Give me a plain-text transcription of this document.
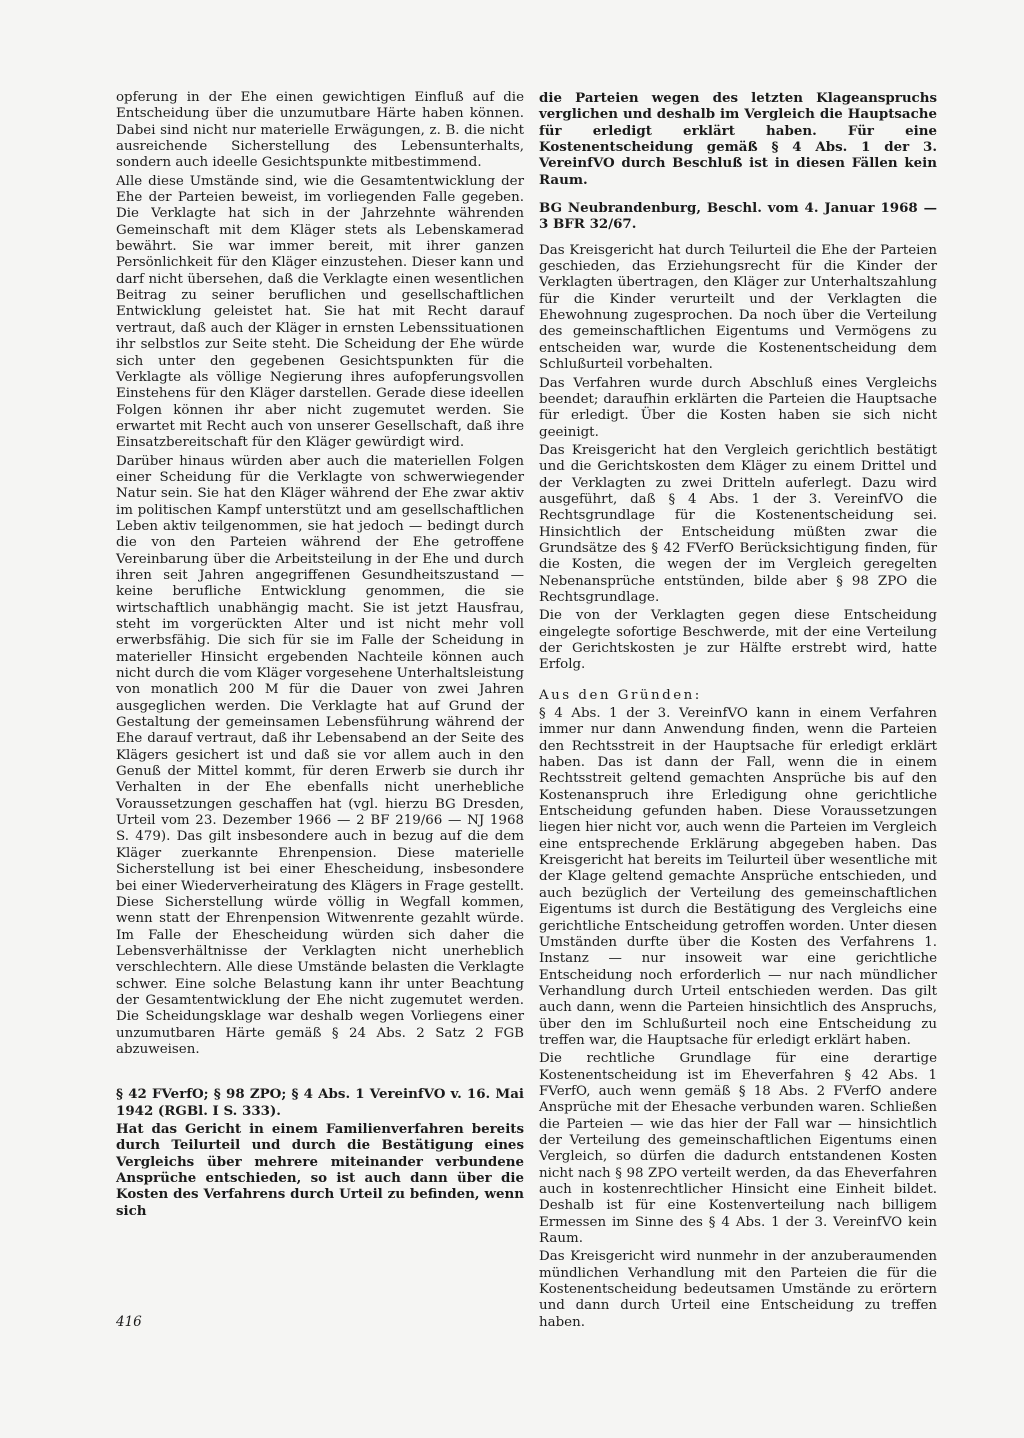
opferung in der Ehe einen gewichtigen Einfluß auf die Entscheidung über die unzumutbare Härte haben können. Dabei sind nicht nur materielle Erwägungen, z. B. die nicht ausreichende Sicherstellung des Lebensunterhalts, sondern auch ideelle Gesichtspunkte mitbestimmend.

Alle diese Umstände sind, wie die Gesamtentwicklung der Ehe der Parteien beweist, im vorliegenden Falle gegeben. Die Verklagte hat sich in der Jahrzehnte währenden Gemeinschaft mit dem Kläger stets als Lebenskamerad bewährt. Sie war immer bereit, mit ihrer ganzen Persönlichkeit für den Kläger einzustehen. Dieser kann und darf nicht übersehen, daß die Verklagte einen wesentlichen Beitrag zu seiner beruflichen und gesellschaftlichen Entwicklung geleistet hat. Sie hat mit Recht darauf vertraut, daß auch der Kläger in ernsten Lebenssituationen ihr selbstlos zur Seite steht. Die Scheidung der Ehe würde sich unter den gegebenen Gesichtspunkten für die Verklagte als völlige Negierung ihres aufopferungsvollen Einstehens für den Kläger darstellen. Gerade diese ideellen Folgen können ihr aber nicht zugemutet werden. Sie erwartet mit Recht auch von unserer Gesellschaft, daß ihre Einsatzbereitschaft für den Kläger gewürdigt wird.

Darüber hinaus würden aber auch die materiellen Folgen einer Scheidung für die Verklagte von schwerwiegender Natur sein. Sie hat den Kläger während der Ehe zwar aktiv im politischen Kampf unterstützt und am gesellschaftlichen Leben aktiv teilgenommen, sie hat jedoch — bedingt durch die von den Parteien während der Ehe getroffene Vereinbarung über die Arbeitsteilung in der Ehe und durch ihren seit Jahren angegriffenen Gesundheitszustand — keine berufliche Entwicklung genommen, die sie wirtschaftlich unabhängig macht. Sie ist jetzt Hausfrau, steht im vorgerückten Alter und ist nicht mehr voll erwerbsfähig. Die sich für sie im Falle der Scheidung in materieller Hinsicht ergebenden Nachteile können auch nicht durch die vom Kläger vorgesehene Unterhaltsleistung von monatlich 200 M für die Dauer von zwei Jahren ausgeglichen werden. Die Verklagte hat auf Grund der Gestaltung der gemeinsamen Lebensführung während der Ehe darauf vertraut, daß ihr Lebensabend an der Seite des Klägers gesichert ist und daß sie vor allem auch in den Genuß der Mittel kommt, für deren Erwerb sie durch ihr Verhalten in der Ehe ebenfalls nicht unerhebliche Voraussetzungen geschaffen hat (vgl. hierzu BG Dresden, Urteil vom 23. Dezember 1966 — 2 BF 219/66 — NJ 1968 S. 479). Das gilt insbesondere auch in bezug auf die dem Kläger zuerkannte Ehrenpension. Diese materielle Sicherstellung ist bei einer Ehescheidung, insbesondere bei einer Wiederverheiratung des Klägers in Frage gestellt. Diese Sicherstellung würde völlig in Wegfall kommen, wenn statt der Ehrenpension Witwenrente gezahlt würde. Im Falle der Ehescheidung würden sich daher die Lebensverhältnisse der Verklagten nicht unerheblich verschlechtern. Alle diese Umstände belasten die Verklagte schwer. Eine solche Belastung kann ihr unter Beachtung der Gesamtentwicklung der Ehe nicht zugemutet werden. Die Scheidungsklage war deshalb wegen Vorliegens einer unzumutbaren Härte gemäß § 24 Abs. 2 Satz 2 FGB abzuweisen.

§ 42 FVerfO; § 98 ZPO; § 4 Abs. 1 VereinfVO v. 16. Mai 1942 (RGBl. I S. 333).

Hat das Gericht in einem Familienverfahren bereits durch Teilurteil und durch die Bestätigung eines Vergleichs über mehrere miteinander verbundene Ansprüche entschieden, so ist auch dann über die Kosten des Verfahrens durch Urteil zu befinden, wenn sich

die Parteien wegen des letzten Klageanspruchs verglichen und deshalb im Vergleich die Hauptsache für erledigt erklärt haben. Für eine Kostenentscheidung gemäß § 4 Abs. 1 der 3. VereinfVO durch Beschluß ist in diesen Fällen kein Raum.

BG Neubrandenburg, Beschl. vom 4. Januar 1968 — 3 BFR 32/67.

Das Kreisgericht hat durch Teilurteil die Ehe der Parteien geschieden, das Erziehungsrecht für die Kinder der Verklagten übertragen, den Kläger zur Unterhaltszahlung für die Kinder verurteilt und der Verklagten die Ehewohnung zugesprochen. Da noch über die Verteilung des gemeinschaftlichen Eigentums und Vermögens zu entscheiden war, wurde die Kostenentscheidung dem Schlußurteil vorbehalten.

Das Verfahren wurde durch Abschluß eines Vergleichs beendet; daraufhin erklärten die Parteien die Hauptsache für erledigt. Über die Kosten haben sie sich nicht geeinigt.

Das Kreisgericht hat den Vergleich gerichtlich bestätigt und die Gerichtskosten dem Kläger zu einem Drittel und der Verklagten zu zwei Dritteln auferlegt. Dazu wird ausgeführt, daß § 4 Abs. 1 der 3. VereinfVO die Rechtsgrundlage für die Kostenentscheidung sei. Hinsichtlich der Entscheidung müßten zwar die Grundsätze des § 42 FVerfO Berücksichtigung finden, für die Kosten, die wegen der im Vergleich geregelten Nebenansprüche entstünden, bilde aber § 98 ZPO die Rechtsgrundlage.

Die von der Verklagten gegen diese Entscheidung eingelegte sofortige Beschwerde, mit der eine Verteilung der Gerichtskosten je zur Hälfte erstrebt wird, hatte Erfolg.

Aus den Gründen:

§ 4 Abs. 1 der 3. VereinfVO kann in einem Verfahren immer nur dann Anwendung finden, wenn die Parteien den Rechtsstreit in der Hauptsache für erledigt erklärt haben. Das ist dann der Fall, wenn die in einem Rechtsstreit geltend gemachten Ansprüche bis auf den Kostenanspruch ihre Erledigung ohne gerichtliche Entscheidung gefunden haben. Diese Voraussetzungen liegen hier nicht vor, auch wenn die Parteien im Vergleich eine entsprechende Erklärung abgegeben haben. Das Kreisgericht hat bereits im Teilurteil über wesentliche mit der Klage geltend gemachte Ansprüche entschieden, und auch bezüglich der Verteilung des gemeinschaftlichen Eigentums ist durch die Bestätigung des Vergleichs eine gerichtliche Entscheidung getroffen worden. Unter diesen Umständen durfte über die Kosten des Verfahrens 1. Instanz — nur insoweit war eine gerichtliche Entscheidung noch erforderlich — nur nach mündlicher Verhandlung durch Urteil entschieden werden. Das gilt auch dann, wenn die Parteien hinsichtlich des Anspruchs, über den im Schlußurteil noch eine Entscheidung zu treffen war, die Hauptsache für erledigt erklärt haben.

Die rechtliche Grundlage für eine derartige Kostenentscheidung ist im Eheverfahren § 42 Abs. 1 FVerfO, auch wenn gemäß § 18 Abs. 2 FVerfO andere Ansprüche mit der Ehesache verbunden waren. Schließen die Parteien — wie das hier der Fall war — hinsichtlich der Verteilung des gemeinschaftlichen Eigentums einen Vergleich, so dürfen die dadurch entstandenen Kosten nicht nach § 98 ZPO verteilt werden, da das Eheverfahren auch in kostenrechtlicher Hinsicht eine Einheit bildet. Deshalb ist für eine Kostenverteilung nach billigem Ermessen im Sinne des § 4 Abs. 1 der 3. VereinfVO kein Raum.

Das Kreisgericht wird nunmehr in der anzuberaumenden mündlichen Verhandlung mit den Parteien die für die Kostenentscheidung bedeutsamen Umstände zu erörtern und dann durch Urteil eine Entscheidung zu treffen haben.

416
